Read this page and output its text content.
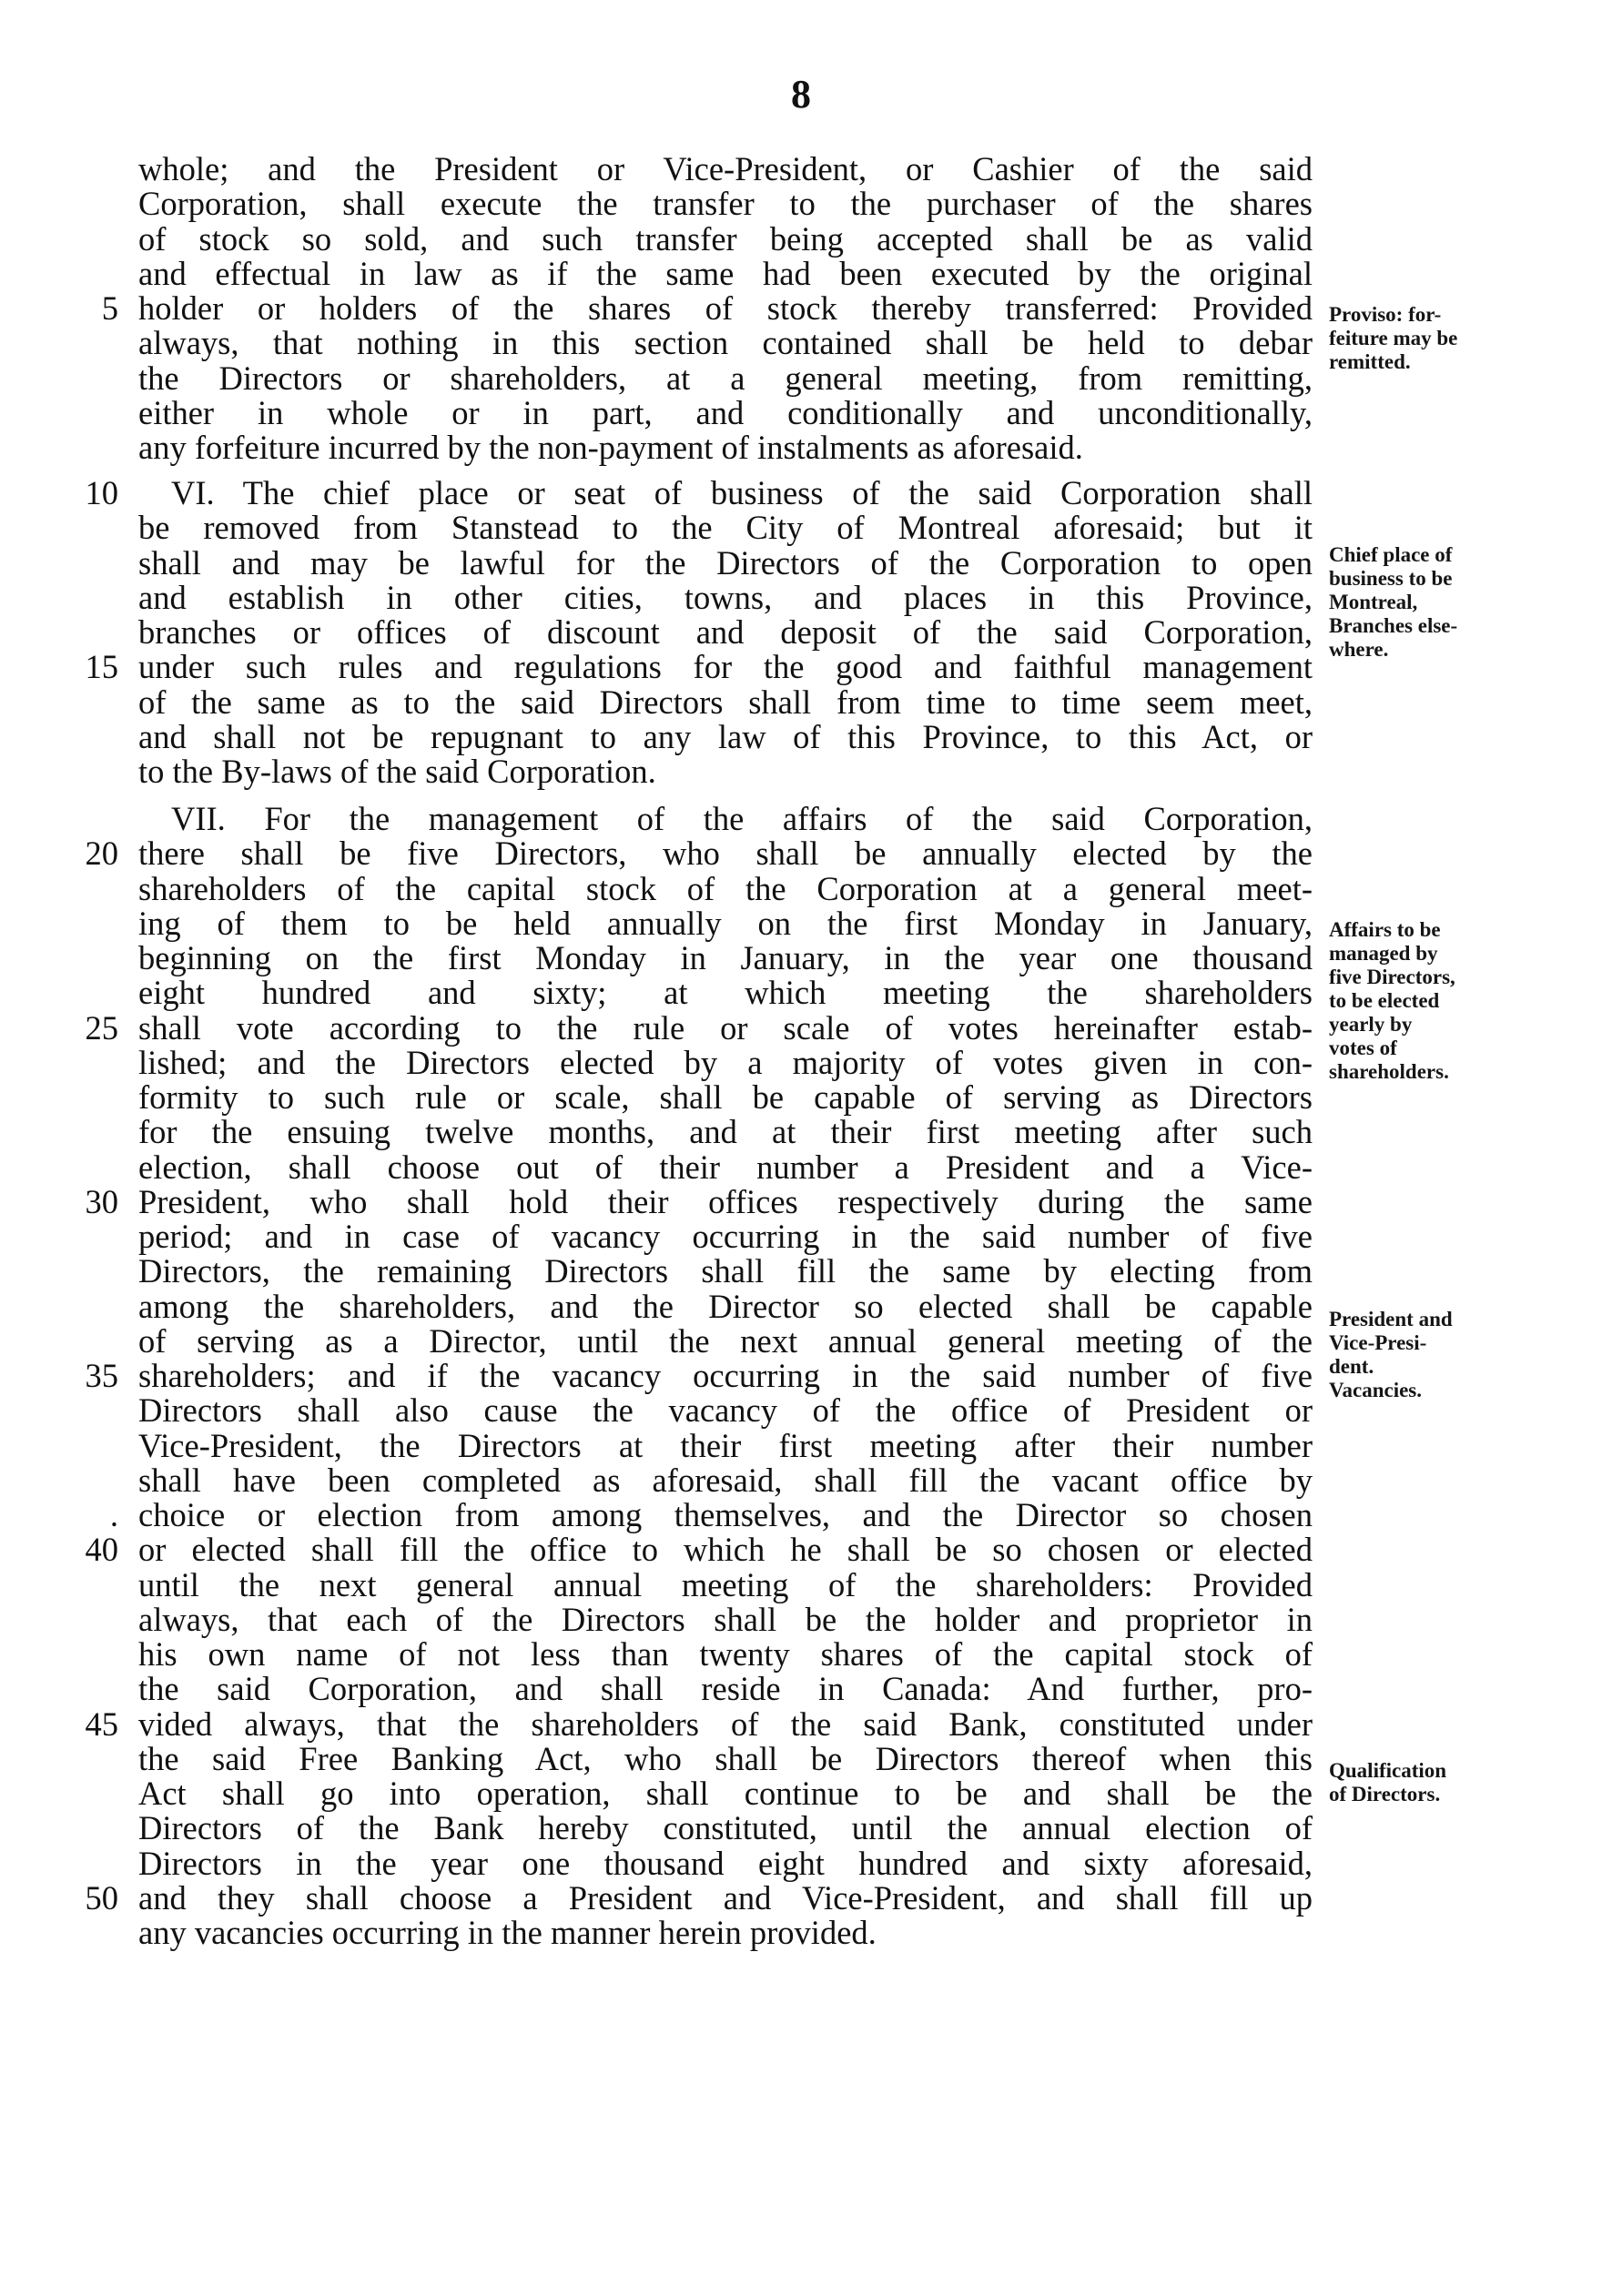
8
whole; and the President or Vice-President, or Cashier of the said
Corporation, shall execute the transfer to the purchaser of the shares
of stock so sold, and such transfer being accepted shall be as valid
and effectual in law as if the same had been executed by the original
holder or holders of the shares of stock thereby transferred: Provided
always, that nothing in this section contained shall be held to debar
the Directors or shareholders, at a general meeting, from remitting,
either in whole or in part, and conditionally and unconditionally,
any forfeiture incurred by the non-payment of instalments as aforesaid.
VI. The chief place or seat of business of the said Corporation shall
be removed from Stanstead to the City of Montreal aforesaid; but it
shall and may be lawful for the Directors of the Corporation to open
and establish in other cities, towns, and places in this Province,
branches or offices of discount and deposit of the said Corporation,
under such rules and regulations for the good and faithful management
of the same as to the said Directors shall from time to time seem meet,
and shall not be repugnant to any law of this Province, to this Act, or
to the By-laws of the said Corporation.
VII. For the management of the affairs of the said Corporation,
there shall be five Directors, who shall be annually elected by the
shareholders of the capital stock of the Corporation at a general meet-
ing of them to be held annually on the first Monday in January,
beginning on the first Monday in January, in the year one thousand
eight hundred and sixty; at which meeting the shareholders
shall vote according to the rule or scale of votes hereinafter estab-
lished; and the Directors elected by a majority of votes given in con-
formity to such rule or scale, shall be capable of serving as Directors
for the ensuing twelve months, and at their first meeting after such
election, shall choose out of their number a President and a Vice-
President, who shall hold their offices respectively during the same
period; and in case of vacancy occurring in the said number of five
Directors, the remaining Directors shall fill the same by electing from
among the shareholders, and the Director so elected shall be capable
of serving as a Director, until the next annual general meeting of the
shareholders; and if the vacancy occurring in the said number of five
Directors shall also cause the vacancy of the office of President or
Vice-President, the Directors at their first meeting after their number
shall have been completed as aforesaid, shall fill the vacant office by
choice or election from among themselves, and the Director so chosen
or elected shall fill the office to which he shall be so chosen or elected
until the next general annual meeting of the shareholders: Provided
always, that each of the Directors shall be the holder and proprietor in
his own name of not less than twenty shares of the capital stock of
the said Corporation, and shall reside in Canada: And further, pro-
vided always, that the shareholders of the said Bank, constituted under
the said Free Banking Act, who shall be Directors thereof when this
Act shall go into operation, shall continue to be and shall be the
Directors of the Bank hereby constituted, until the annual election of
Directors in the year one thousand eight hundred and sixty aforesaid,
and they shall choose a President and Vice-President, and shall fill up
any vacancies occurring in the manner herein provided.
5
10
15
20
25
30
35
.
40
45
50
Proviso: for-
feiture may be
remitted.
Chief place of
business to be
Montreal,
Branches else-
where.
Affairs to be
managed by
five Directors,
to be elected
yearly by
votes of
shareholders.
President and
Vice-Presi-
dent.
Vacancies.
Qualification
of Directors.
